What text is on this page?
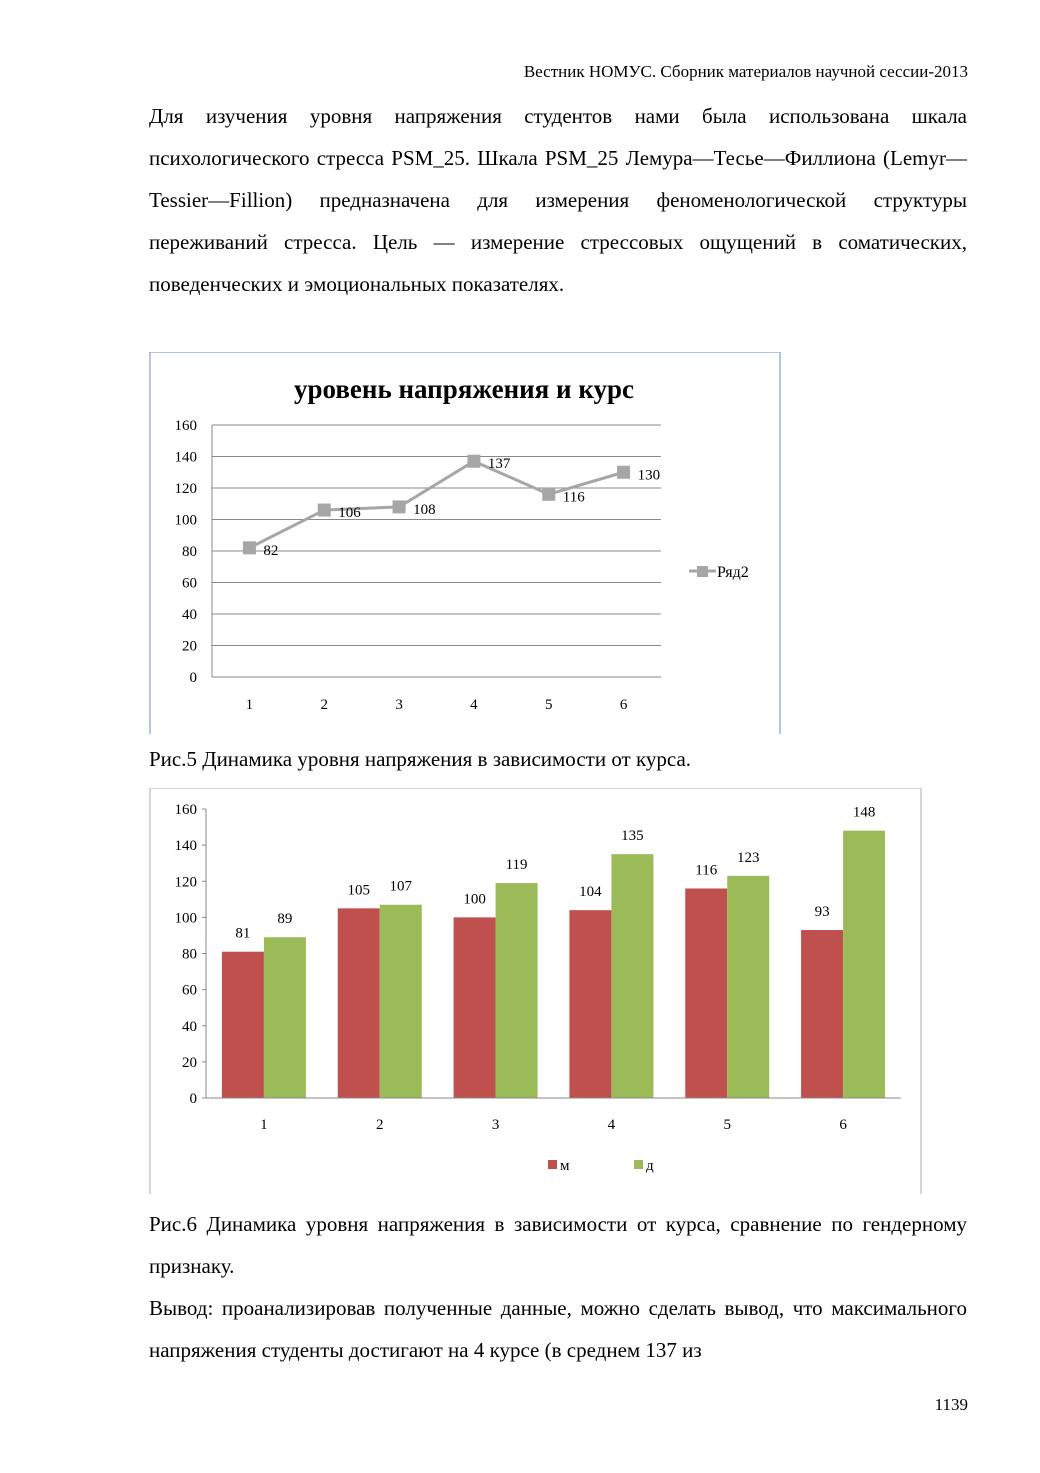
Вестник НОМУС. Сборник материалов научной сессии-2013

Для изучения уровня напряжения студентов нами была использована шкала психологического стресса PSM_25. Шкала PSM_25 Лемура—Тесье—Филлиона (Lemyr—Tessier—Fillion) предназначена для измерения феноменологической структуры переживаний стресса. Цель — измерение стрессовых ощущений в соматических, поведенческих и эмоциональных показателях.

уровень напряжения и курс
0
20
40
60
80
100
120
140
160
1	2	3	4	5	6
82
106	108
137
116
130
Ряд2
Рис.5 Динамика уровня напряжения в зависимости от курса.
0
20
40
60
80
100
120
140
160
81
89
105 107
100
119
104
135
116
123
93
148
1	2	3	4	5	6
м	д

Рис.6 Динамика уровня напряжения в зависимости от курса, сравнение по гендерному признаку.

Вывод: проанализировав полученные данные, можно сделать вывод, что максимального напряжения студенты достигают на 4 курсе (в среднем 137 из

1139
